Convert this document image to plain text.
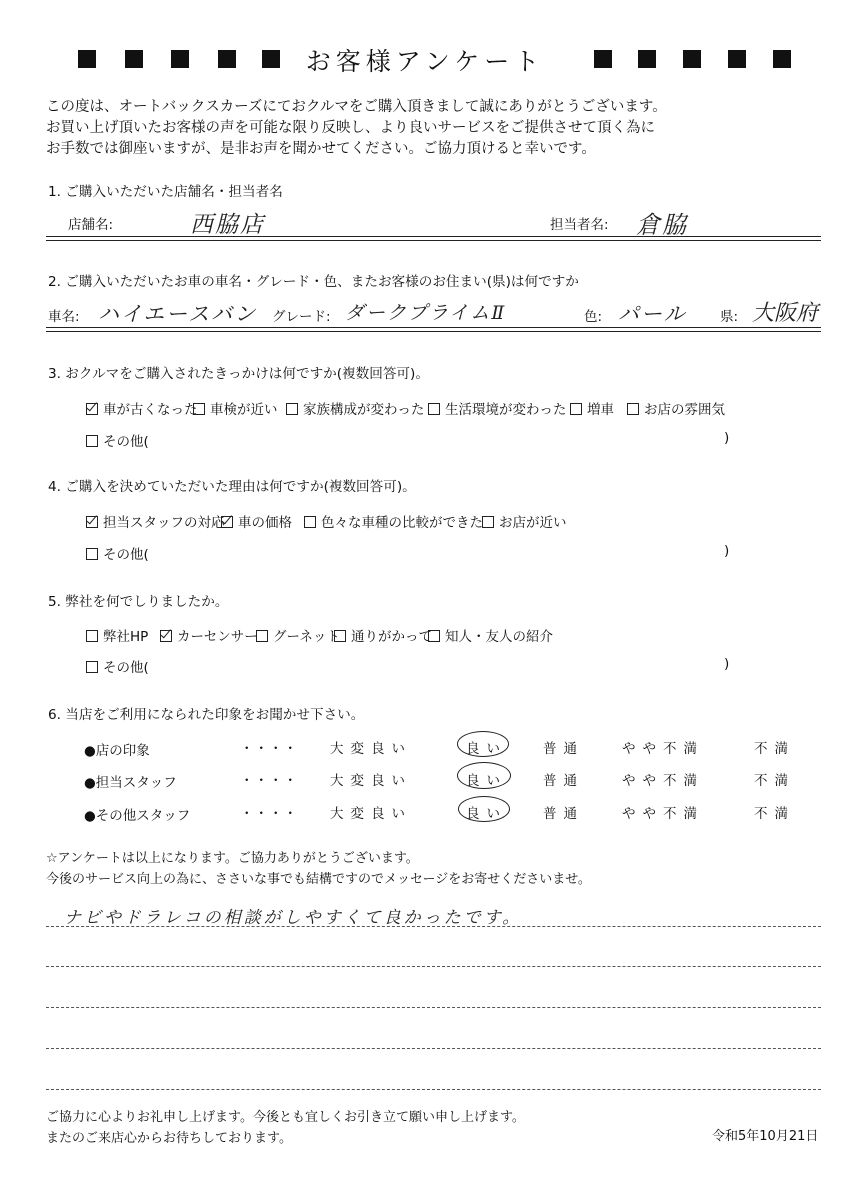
お客様アンケート
この度は、オートバックスカーズにておクルマをご購入頂きまして誠にありがとうございます。
お買い上げ頂いたお客様の声を可能な限り反映し、より良いサービスをご提供させて頂く為に
お手数では御座いますが、是非お声を聞かせてください。ご協力頂けると幸いです。
1. ご購入いただいた店舗名・担当者名
店舗名:	西脇店	担当者名: 倉脇
2. ご購入いただいたお車の車名・グレード・色、またお客様のお住まい(県)は何ですか
車名: ハイエースバン グレード: ダークプライムⅡ	色: パール 県: 大阪府
3. おクルマをご購入されたきっかけは何ですか(複数回答可)。
車が古くなった 車検が近い	家族構成が変わった	生活環境が変わった	増車	お店の雰囲気
その他(	)
4. ご購入を決めていただいた理由は何ですか(複数回答可)。
担当スタッフの対応	車の価格	色々な車種の比較ができた	お店が近い
その他(	)
5. 弊社を何でしりましたか。
弊社HP	カーセンサー	グーネット 通りがかって 知人・友人の紹介
その他(	)
6. 当店をご利用になられた印象をお聞かせ下さい。
●店の印象	・・・・ 大変良い	良い	普通	やや不満	不満
●担当スタッフ	・・・・ 大変良い	良い	普通	やや不満	不満
●その他スタッフ	・・・・ 大変良い	良い	普通	やや不満	不満
☆アンケートは以上になります。ご協力ありがとうございます。
今後のサービス向上の為に、ささいな事でも結構ですのでメッセージをお寄せくださいませ。
ナビやドラレコの相談がしやすくて良かったです。
ご協力に心よりお礼申し上げます。今後とも宜しくお引き立て願い申し上げます。
またのご来店心からお待ちしております。	令和5年10月21日
